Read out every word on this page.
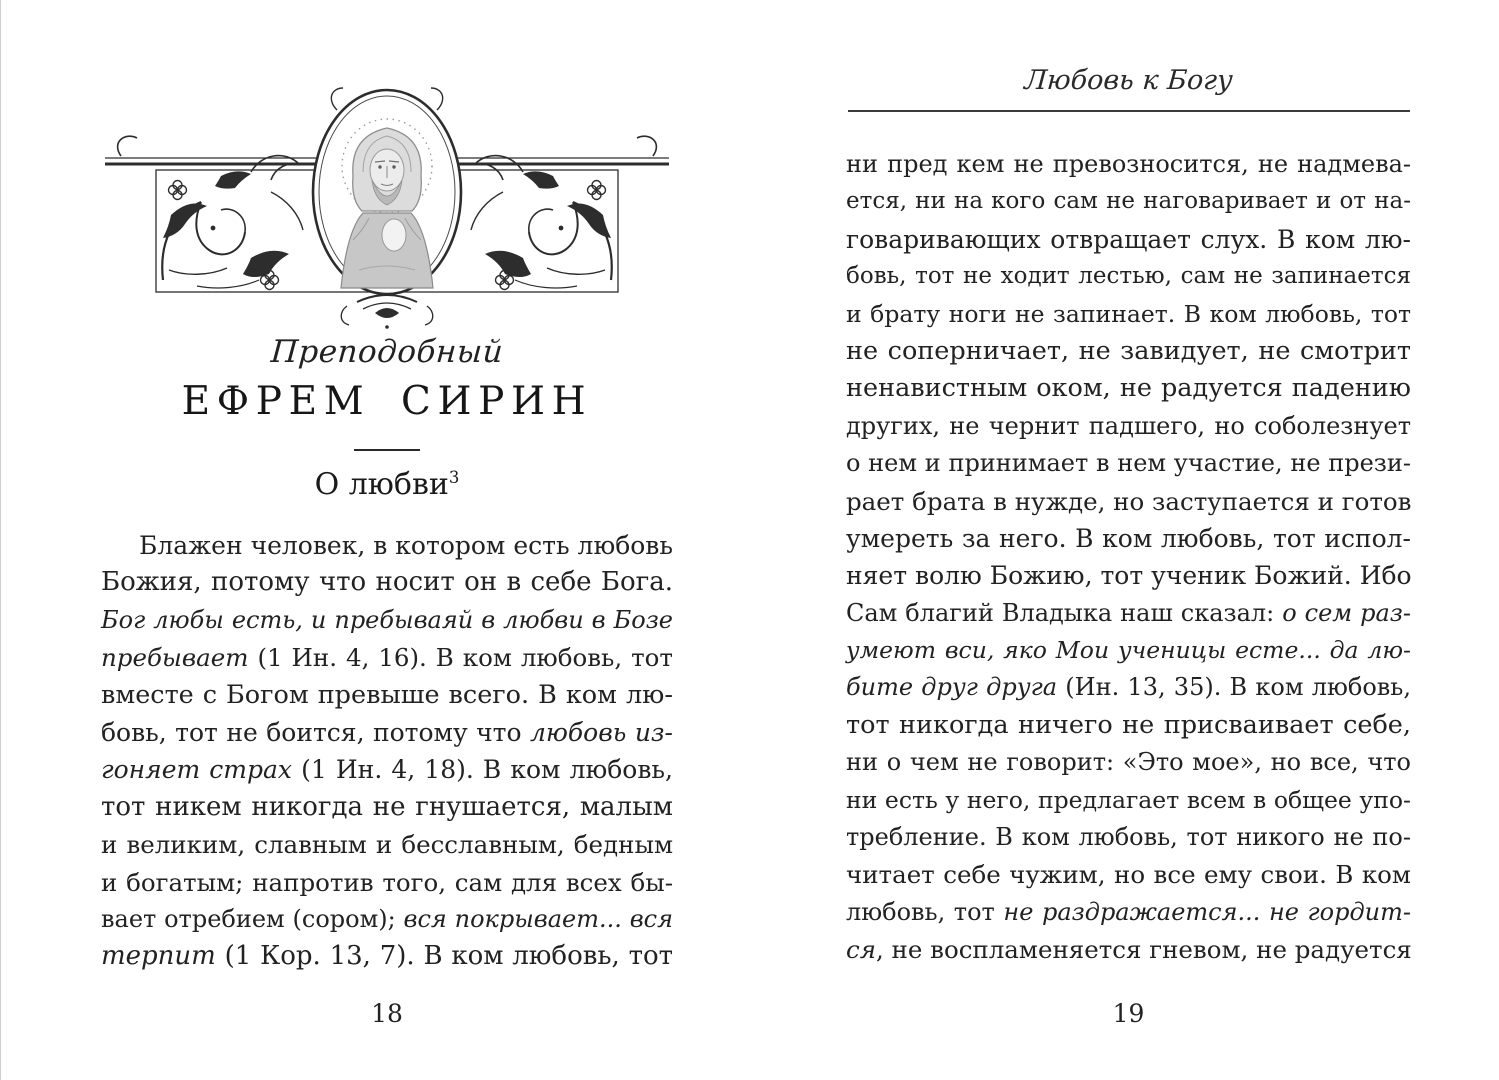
Преподобный
ЕФРЕМ СИРИН
О любви$^3$
Блажен человек, в котором есть любовь
Божия, потому что носит он в себе Бога.
Бог любы есть, и пребываяй в любви в Бозе
пребывает (1 Ин. 4, 16). В ком любовь, тот
вместе с Богом превыше всего. В ком лю-
бовь, тот не боится, потому что любовь из-
гоняет страх (1 Ин. 4, 18). В ком любовь,
тот никем никогда не гнушается, малым
и великим, славным и бесславным, бедным
и богатым; напротив того, сам для всех бы-
вает отребием (сором); вся покрывает... вся
терпит (1 Кор. 13, 7). В ком любовь, тот
18
Любовь к Богу
ни пред кем не превозносится, не надмева-
ется, ни на кого сам не наговаривает и от на-
говаривающих отвращает слух. В ком лю-
бовь, тот не ходит лестью, сам не запинается
и брату ноги не запинает. В ком любовь, тот
не соперничает, не завидует, не смотрит
ненавистным оком, не радуется падению
других, не чернит падшего, но соболезнует
о нем и принимает в нем участие, не прези-
рает брата в нужде, но заступается и готов
умереть за него. В ком любовь, тот испол-
няет волю Божию, тот ученик Божий. Ибо
Сам благий Владыка наш сказал: о сем раз-
умеют вси, яко Мои ученицы есте... да лю-
бите друг друга (Ин. 13, 35). В ком любовь,
тот никогда ничего не присваивает себе,
ни о чем не говорит: «Это мое», но все, что
ни есть у него, предлагает всем в общее упо-
требление. В ком любовь, тот никого не по-
читает себе чужим, но все ему свои. В ком
любовь, тот не раздражается... не гордит-
ся, не воспламеняется гневом, не радуется
19
